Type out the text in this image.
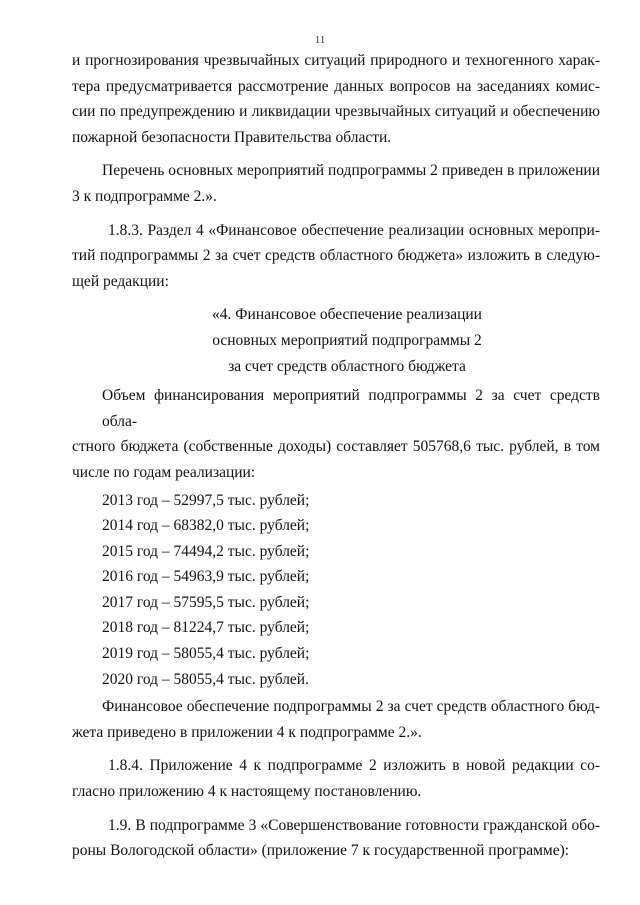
11
и прогнозирования чрезвычайных ситуаций природного и техногенного харак-
тера предусматривается рассмотрение данных вопросов на заседаниях комис-
сии по предупреждению и ликвидации чрезвычайных ситуаций и обеспечению
пожарной безопасности Правительства области.
Перечень основных мероприятий подпрограммы 2 приведен в приложении
3 к подпрограмме 2.».
1.8.3. Раздел 4 «Финансовое обеспечение реализации основных меропри-
тий подпрограммы 2 за счет средств областного бюджета» изложить в следую-
щей редакции:
«4. Финансовое обеспечение реализации
основных мероприятий подпрограммы 2
за счет средств областного бюджета
Объем финансирования мероприятий подпрограммы 2 за счет средств обла-
стного бюджета (собственные доходы) составляет 505768,6 тыс. рублей, в том
числе по годам реализации:
2013 год – 52997,5 тыс. рублей;
2014 год – 68382,0 тыс. рублей;
2015 год – 74494,2 тыс. рублей;
2016 год – 54963,9 тыс. рублей;
2017 год – 57595,5 тыс. рублей;
2018 год – 81224,7 тыс. рублей;
2019 год – 58055,4 тыс. рублей;
2020 год – 58055,4 тыс. рублей.
Финансовое обеспечение подпрограммы 2 за счет средств областного бюд-
жета приведено в приложении 4 к подпрограмме 2.».
1.8.4. Приложение 4 к подпрограмме 2 изложить в новой редакции со-
гласно приложению 4 к настоящему постановлению.
1.9. В подпрограмме 3 «Совершенствование готовности гражданской обо-
роны Вологодской области» (приложение 7 к государственной программе):
